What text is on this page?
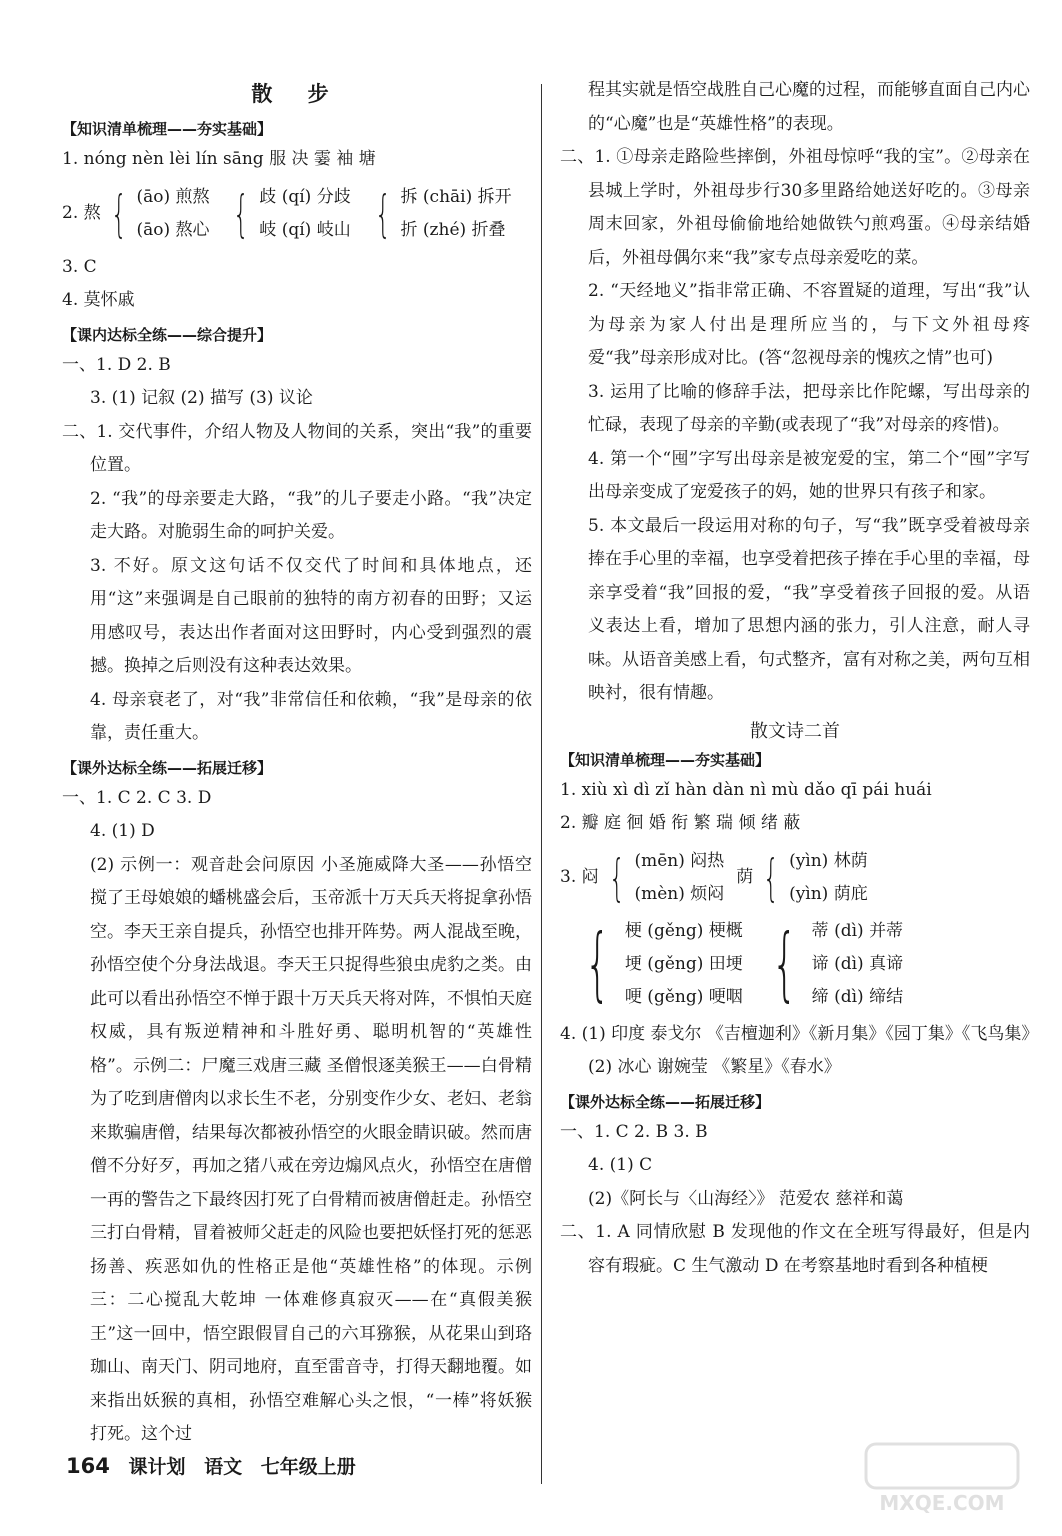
散 步
【知识清单梳理——夯实基础】

1. nóng nèn lèi lín sāng 服 决 霎 袖 塘

2. 熬 { (āo) 煎熬
(āo) 熬心 { 歧 (qí) 分歧
岐 (qí) 岐山 { 拆 (chāi) 拆开
折 (zhé) 折叠

3. C

4. 莫怀戚

【课内达标全练——综合提升】

一、1. D 2. B

3. (1) 记叙 (2) 描写 (3) 议论

二、1. 交代事件，介绍人物及人物间的关系，突出“我”的重要位置。

2. “我”的母亲要走大路，“我”的儿子要走小路。“我”决定走大路。对脆弱生命的呵护关爱。

3. 不好。原文这句话不仅交代了时间和具体地点，还用“这”来强调是自己眼前的独特的南方初春的田野；又运用感叹号，表达出作者面对这田野时，内心受到强烈的震撼。换掉之后则没有这种表达效果。

4. 母亲衰老了，对“我”非常信任和依赖，“我”是母亲的依靠，责任重大。

【课外达标全练——拓展迁移】

一、1. C 2. C 3. D

4. (1) D

(2) 示例一：观音赴会问原因 小圣施威降大圣——孙悟空搅了王母娘娘的蟠桃盛会后，玉帝派十万天兵天将捉拿孙悟空。李天王亲自提兵，孙悟空也排开阵势。两人混战至晚，孙悟空使个分身法战退。李天王只捉得些狼虫虎豹之类。由此可以看出孙悟空不惮于跟十万天兵天将对阵，不惧怕天庭权威，具有叛逆精神和斗胜好勇、聪明机智的“英雄性格”。示例二：尸魔三戏唐三藏 圣僧恨逐美猴王——白骨精为了吃到唐僧肉以求长生不老，分别变作少女、老妇、老翁来欺骗唐僧，结果每次都被孙悟空的火眼金睛识破。然而唐僧不分好歹，再加之猪八戒在旁边煽风点火，孙悟空在唐僧一再的警告之下最终因打死了白骨精而被唐僧赶走。孙悟空三打白骨精，冒着被师父赶走的风险也要把妖怪打死的惩恶扬善、疾恶如仇的性格正是他“英雄性格”的体现。示例三：二心搅乱大乾坤 一体难修真寂灭——在“真假美猴王”这一回中，悟空跟假冒自己的六耳猕猴，从花果山到珞珈山、南天门、阴司地府，直至雷音寺，打得天翻地覆。如来指出妖猴的真相，孙悟空难解心头之恨，“一棒”将妖猴打死。这个过

程其实就是悟空战胜自己心魔的过程，而能够直面自己内心的“心魔”也是“英雄性格”的表现。

二、1. ①母亲走路险些摔倒，外祖母惊呼“我的宝”。②母亲在县城上学时，外祖母步行30多里路给她送好吃的。③母亲周末回家，外祖母偷偷地给她做铁勺煎鸡蛋。④母亲结婚后，外祖母偶尔来“我”家专点母亲爱吃的菜。

2. “天经地义”指非常正确、不容置疑的道理，写出“我”认为母亲为家人付出是理所应当的，与下文外祖母疼爱“我”母亲形成对比。(答“忽视母亲的愧疚之情”也可)

3. 运用了比喻的修辞手法，把母亲比作陀螺，写出母亲的忙碌，表现了母亲的辛勤(或表现了“我”对母亲的疼惜)。

4. 第一个“囤”字写出母亲是被宠爱的宝，第二个“囤”字写出母亲变成了宠爱孩子的妈，她的世界只有孩子和家。

5. 本文最后一段运用对称的句子，写“我”既享受着被母亲捧在手心里的幸福，也享受着把孩子捧在手心里的幸福，母亲享受着“我”回报的爱，“我”享受着孩子回报的爱。从语义表达上看，增加了思想内涵的张力，引人注意，耐人寻味。从语音美感上看，句式整齐，富有对称之美，两句互相映衬，很有情趣。

散文诗二首
【知识清单梳理——夯实基础】

1. xiù xì dì zǐ hàn dàn nì mù dǎo qī pái huái

2. 瓣 庭 徊 婚 衔 繁 瑞 倾 绪 蔽

3. 闷 { (mēn) 闷热
(mèn) 烦闷
荫 { (yìn) 林荫
(yìn) 荫庇
{ 梗 (gěng) 梗概
埂 (gěng) 田埂
哽 (gěng) 哽咽 { 蒂 (dì) 并蒂
谛 (dì) 真谛
缔 (dì) 缔结

4. (1) 印度 泰戈尔 《吉檀迦利》《新月集》《园丁集》《飞鸟集》

(2) 冰心 谢婉莹 《繁星》《春水》

【课外达标全练——拓展迁移】

一、1. C 2. B 3. B

4. (1) C

(2)《阿长与〈山海经〉》 范爱农 慈祥和蔼

二、1. A 同情欣慰 B 发现他的作文在全班写得最好，但是内容有瑕疵。C 生气激动 D 在考察基地时看到各种植梗

164 课计划 语文 七年级上册
MXQE.COM
